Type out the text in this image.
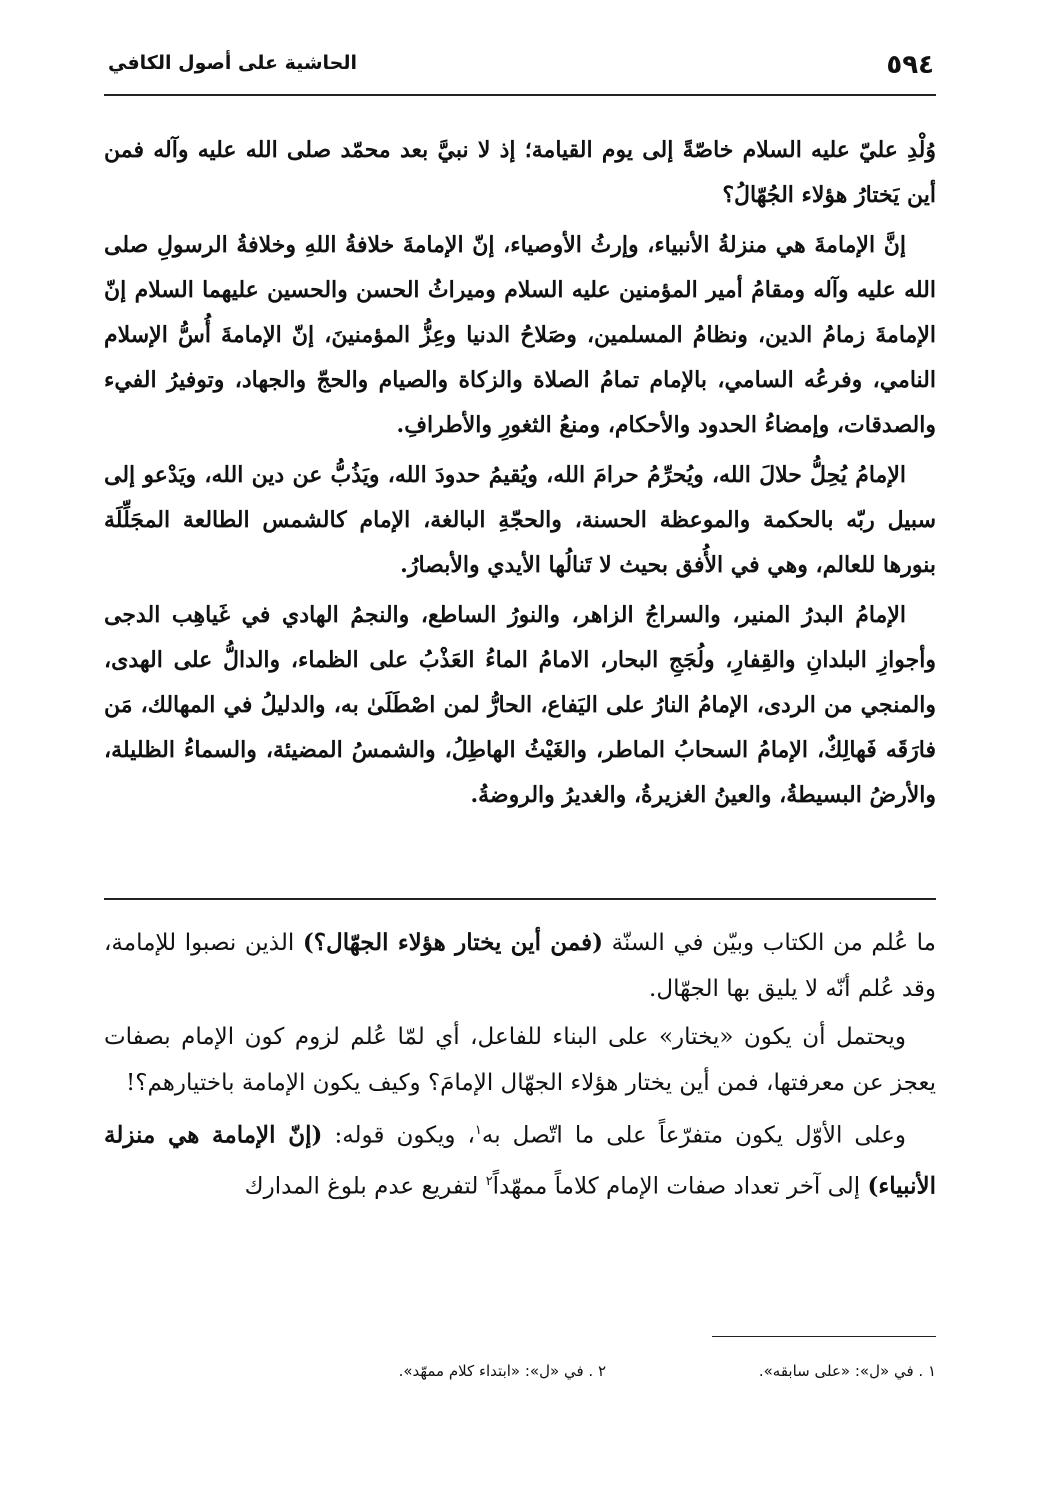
٥٩٤
الحاشية على أصول الكافي

وُلْدِ عليّ عليه السلام خاصّةً إلى يوم القيامة؛ إذ لا نبيَّ بعد محمّد صلى الله عليه وآله فمن أين يَختارُ هؤلاء الجُهّالُ؟

إنَّ الإمامةَ هي منزلةُ الأنبياء، وإرثُ الأوصياء، إنّ الإمامةَ خلافةُ اللهِ وخلافةُ الرسولِ صلى الله عليه وآله ومقامُ أمير المؤمنين عليه السلام وميراثُ الحسن والحسين عليهما السلام إنّ الإمامةَ زمامُ الدين، ونظامُ المسلمين، وصَلاحُ الدنيا وعِزُّ المؤمنينَ، إنّ الإمامةَ أُسُّ الإسلام النامي، وفرعُه السامي، بالإمام تمامُ الصلاة والزكاة والصيام والحجّ والجهاد، وتوفيرُ الفيء والصدقات، وإمضاءُ الحدود والأحكام، ومنعُ الثغورِ والأطرافِ.

الإمامُ يُحِلُّ حلالَ الله، ويُحرِّمُ حرامَ الله، ويُقيمُ حدودَ الله، ويَذُبُّ عن دين الله، ويَدْعو إلى سبيل ربّه بالحكمة والموعظة الحسنة، والحجّةِ البالغة، الإمام كالشمس الطالعة المجَلِّلَة بنورها للعالم، وهي في الأُفق بحيث لا تَنالُها الأيدي والأبصارُ.

الإمامُ البدرُ المنير، والسراجُ الزاهر، والنورُ الساطع، والنجمُ الهادي في غَياهِب الدجى وأجوازِ البلدانِ والقِفارِ، ولُجَجِ البحار، الامامُ الماءُ العَذْبُ على الظماء، والدالُّ على الهدى، والمنجي من الردى، الإمامُ النارُ على اليَفاع، الحارُّ لمن اصْطَلَىٰ به، والدليلُ في المهالك، مَن فارَقَه فَهالِكٌ، الإمامُ السحابُ الماطر، والغَيْثُ الهاطِلُ، والشمسُ المضيئة، والسماءُ الظليلة، والأرضُ البسيطةُ، والعينُ الغزيرةُ، والغديرُ والروضةُ.

ما عُلم من الكتاب وبيّن في السنّة (فمن أين يختار هؤلاء الجهّال؟) الذين نصبوا للإمامة، وقد عُلم أنّه لا يليق بها الجهّال.

ويحتمل أن يكون «يختار» على البناء للفاعل، أي لمّا عُلم لزوم كون الإمام بصفات يعجز عن معرفتها، فمن أين يختار هؤلاء الجهّال الإمامَ؟ وكيف يكون الإمامة باختيارهم؟!

وعلى الأوّل يكون متفرّعاً على ما اتّصل به$^١$، ويكون قوله: (إنّ الإمامة هي منزلة الأنبياء) إلى آخر تعداد صفات الإمام كلاماً ممهّداً$^٢$ لتفريع عدم بلوغ المدارك

١ . في «ل»: «على سابقه».
٢ . في «ل»: «ابتداء كلام ممهّد».
